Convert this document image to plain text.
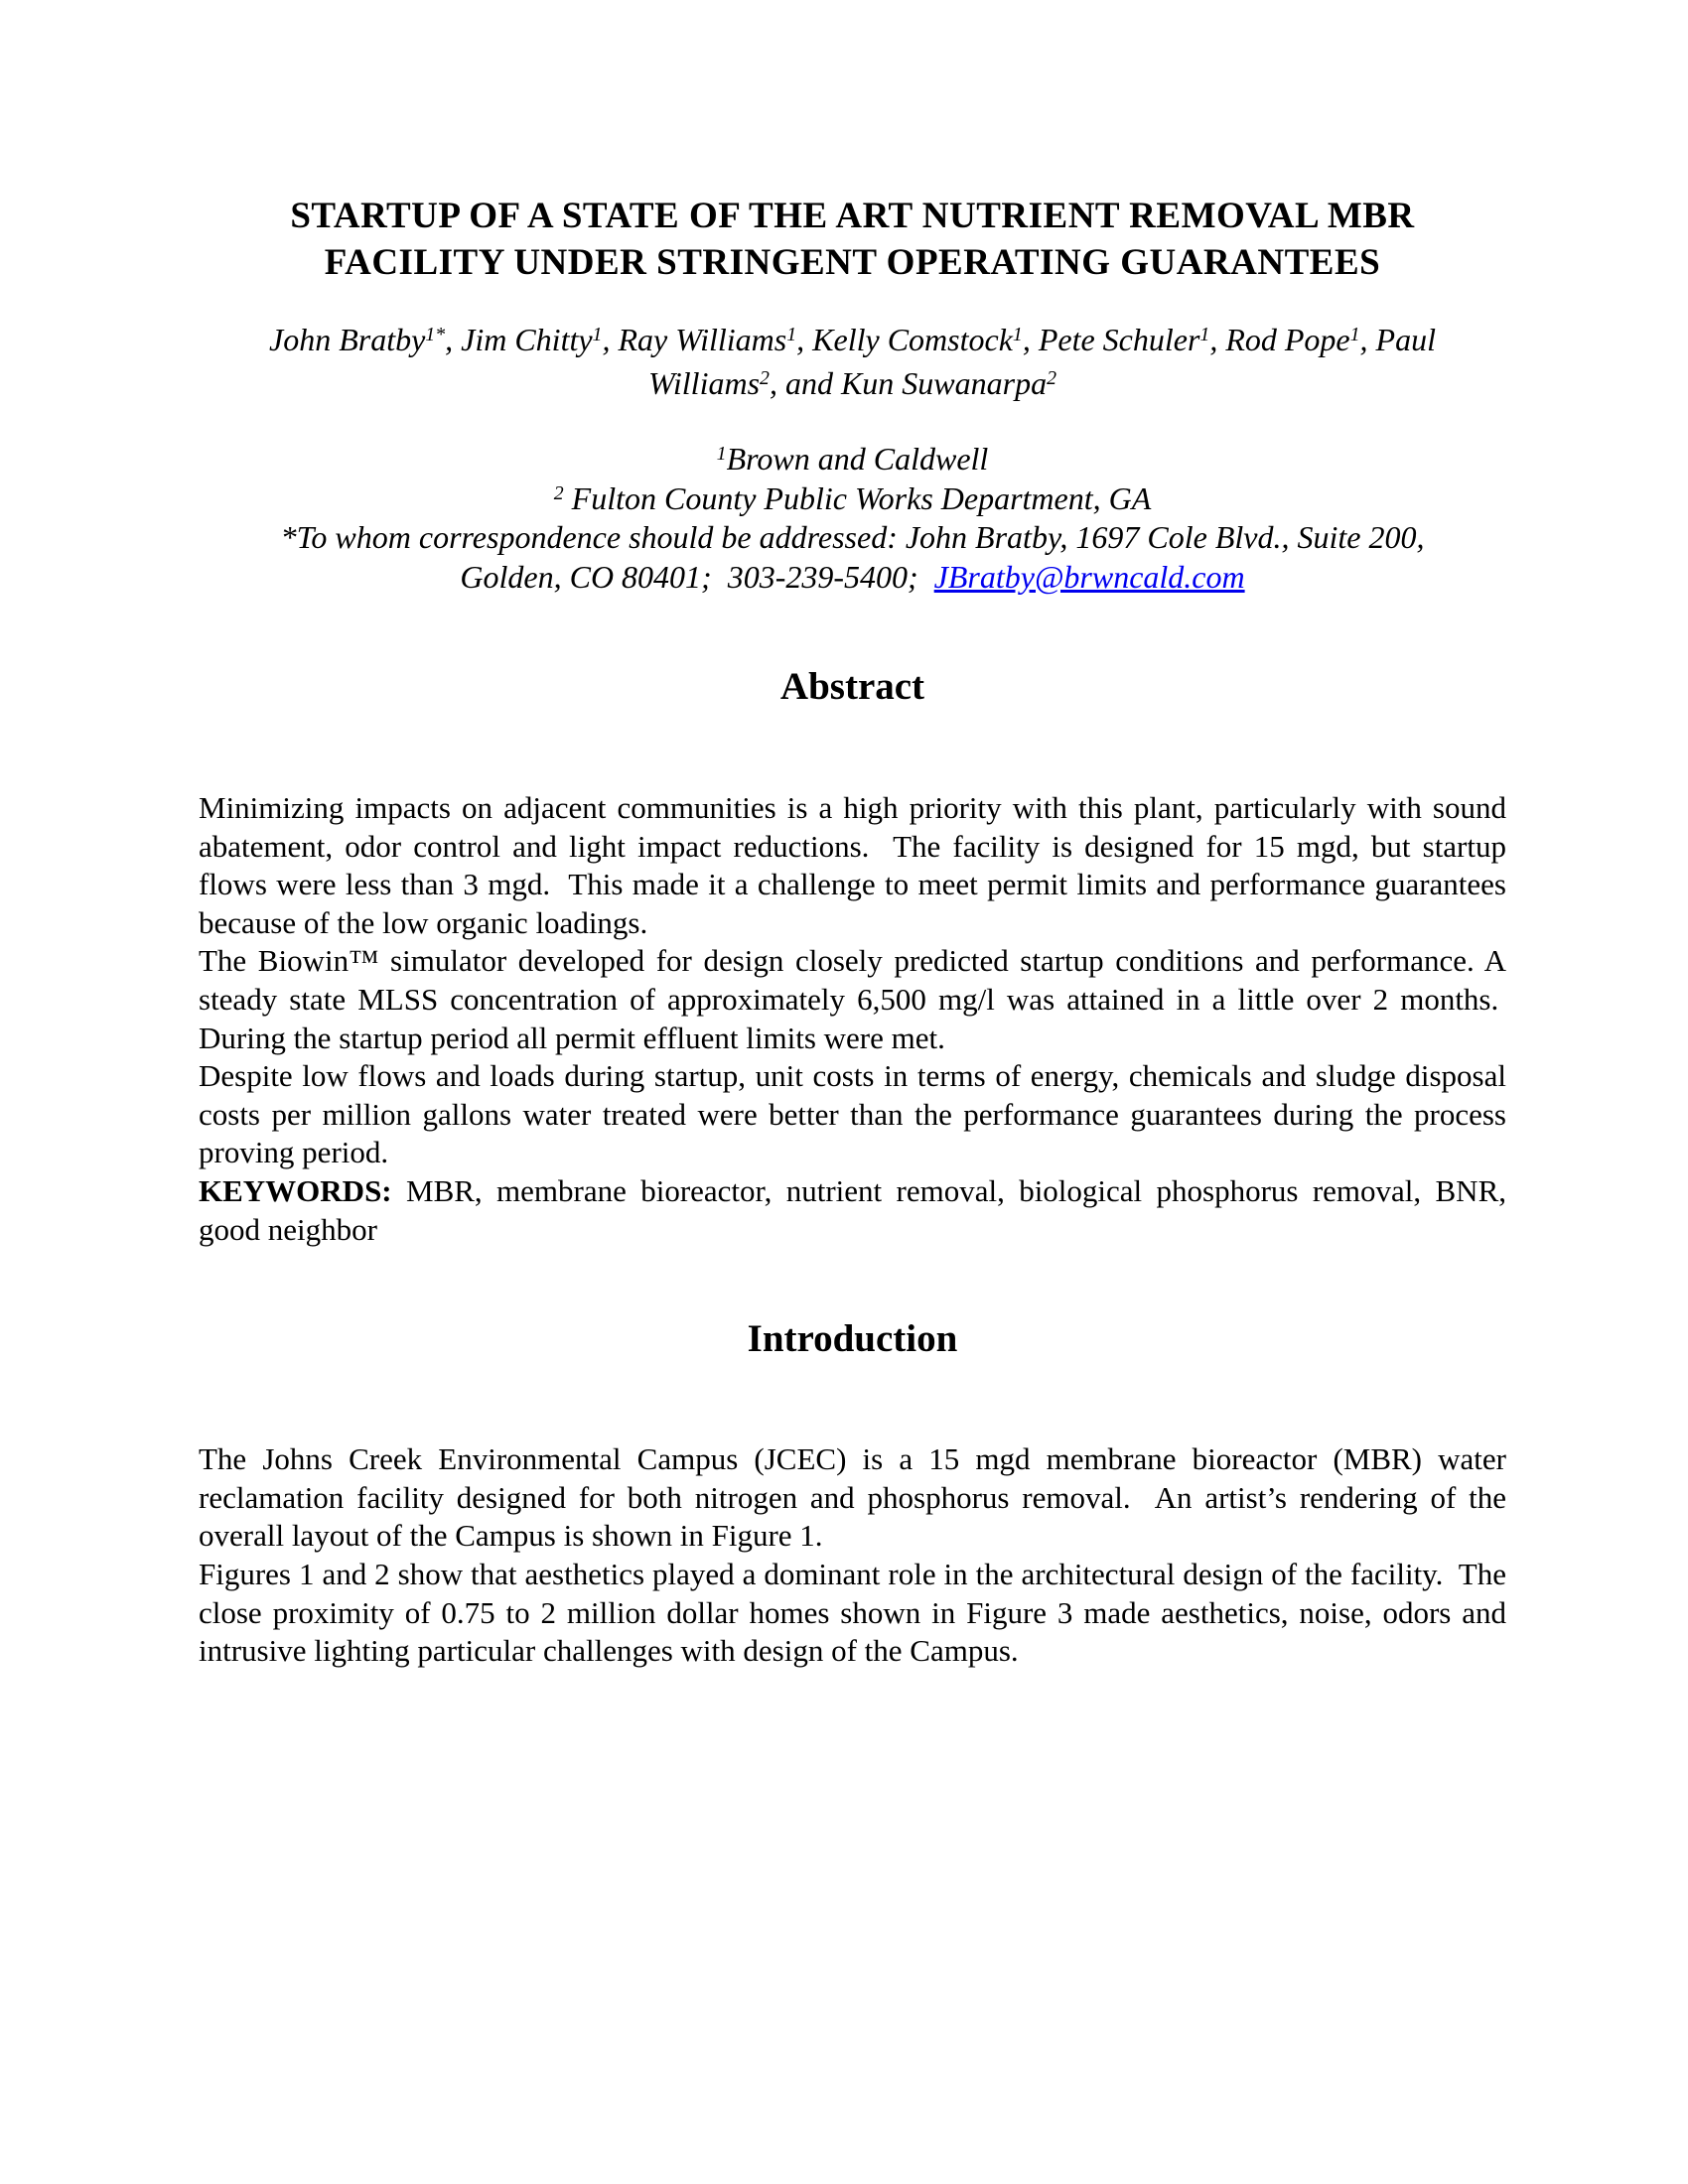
STARTUP OF A STATE OF THE ART NUTRIENT REMOVAL MBR
FACILITY UNDER STRINGENT OPERATING GUARANTEES
John Bratby$^{1*}$, Jim Chitty$^1$, Ray Williams$^1$, Kelly Comstock$^1$, Pete Schuler$^1$, Rod Pope$^1$, Paul
Williams$^2$, and Kun Suwanarpa$^2$
$^1$Brown and Caldwell
$^2$ Fulton County Public Works Department, GA
*To whom correspondence should be addressed: John Bratby, 1697 Cole Blvd., Suite 200,
Golden, CO 80401;  303-239-5400;  JBratby@brwncald.com
Abstract

Minimizing impacts on adjacent communities is a high priority with this plant, particularly with sound abatement, odor control and light impact reductions.  The facility is designed for 15 mgd, but startup flows were less than 3 mgd.  This made it a challenge to meet permit limits and performance guarantees because of the low organic loadings.

The Biowin™ simulator developed for design closely predicted startup conditions and performance. A steady state MLSS concentration of approximately 6,500 mg/l was attained in a little over 2 months.  During the startup period all permit effluent limits were met.

Despite low flows and loads during startup, unit costs in terms of energy, chemicals and sludge disposal costs per million gallons water treated were better than the performance guarantees during the process proving period.

KEYWORDS: MBR, membrane bioreactor, nutrient removal, biological phosphorus removal, BNR, good neighbor

Introduction

The Johns Creek Environmental Campus (JCEC) is a 15 mgd membrane bioreactor (MBR) water reclamation facility designed for both nitrogen and phosphorus removal.  An artist’s rendering of the overall layout of the Campus is shown in Figure 1.

Figures 1 and 2 show that aesthetics played a dominant role in the architectural design of the facility.  The close proximity of 0.75 to 2 million dollar homes shown in Figure 3 made aesthetics, noise, odors and intrusive lighting particular challenges with design of the Campus.
